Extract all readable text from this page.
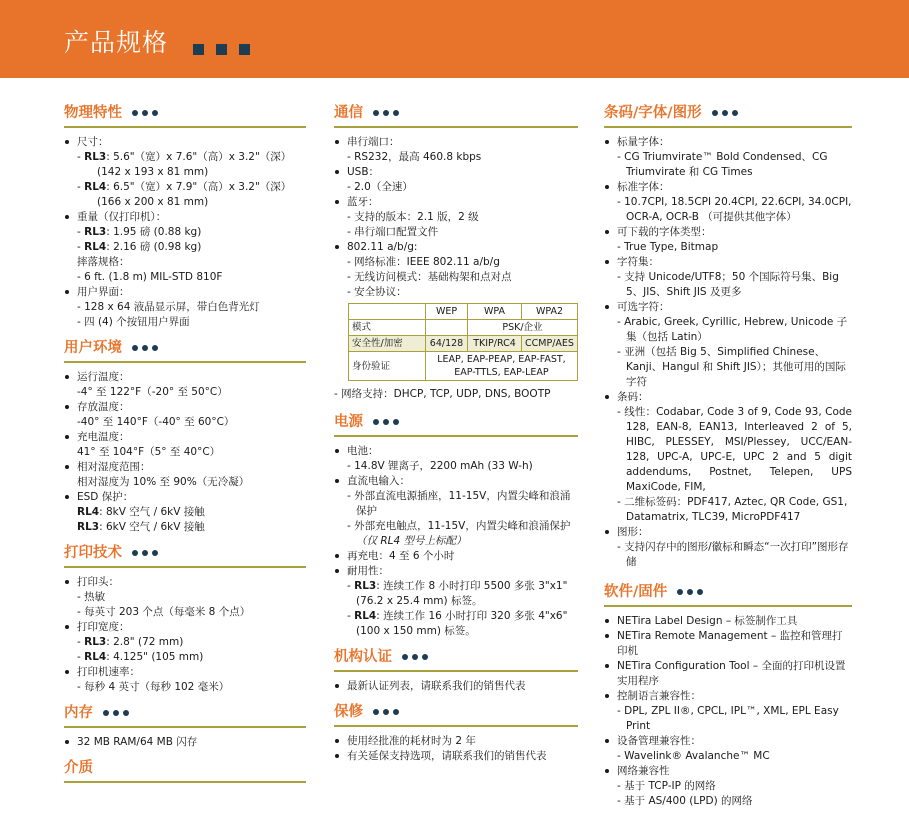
产品规格
物理特性
尺寸：
- RL3: 5.6"（宽）x 7.6"（高）x 3.2"（深）
(142 x 193 x 81 mm)
- RL4: 6.5"（宽）x 7.9"（高）x 3.2"（深）
(166 x 200 x 81 mm)
重量（仅打印机）：
- RL3: 1.95 磅 (0.88 kg)
- RL4: 2.16 磅 (0.98 kg)
摔落规格：
- 6 ft. (1.8 m) MIL-STD 810F
用户界面：
- 128 x 64 液晶显示屏，带白色背光灯
- 四 (4) 个按钮用户界面
用户环境
运行温度：
-4° 至 122°F（-20° 至 50°C）
存放温度：
-40° 至 140°F（-40° 至 60°C）
充电温度：
41° 至 104°F（5° 至 40°C）
相对湿度范围：
相对湿度为 10% 至 90%（无冷凝）
ESD 保护：
RL4: 8kV 空气 / 6kV 接触
RL3: 6kV 空气 / 6kV 接触
打印技术
打印头：
- 热敏
- 每英寸 203 个点（每毫米 8 个点）
打印宽度：
- RL3: 2.8" (72 mm)
- RL4: 4.125" (105 mm)
打印机速率：
- 每秒 4 英寸（每秒 102 毫米）
内存
32 MB RAM/64 MB 闪存
介质
通信
串行端口：
- RS232，最高 460.8 kbps
USB：
- 2.0（全速）
蓝牙：
- 支持的版本：2.1 版，2 级
- 串行端口配置文件
802.11 a/b/g:
- 网络标准：IEEE 802.11 a/b/g
- 无线访问模式：基础构架和点对点
- 安全协议：
	WEP	WPA	WPA2
模式		PSK/企业	
安全性/加密	64/128	TKIP/RC4	CCMP/AES
身份验证	LEAP, EAP-PEAP, EAP-FAST,
EAP-TTLS, EAP-LEAP		
- 网络支持：DHCP, TCP, UDP, DNS, BOOTP
电源
电池：
- 14.8V 锂离子，2200 mAh (33 W-h)
直流电输入：
- 外部直流电源插座，11-15V，内置尖峰和浪涌保护
- 外部充电触点，11-15V，内置尖峰和浪涌保护（仅 RL4 型号上标配）
再充电：4 至 6 个小时
耐用性：
- RL3: 连续工作 8 小时打印 5500 多张 3"x1" (76.2 x 25.4 mm) 标签。
- RL4: 连续工作 16 小时打印 320 多张 4"x6" (100 x 150 mm) 标签。
机构认证
最新认证列表，请联系我们的销售代表
保修
使用经批准的耗材时为 2 年
有关延保支持选项，请联系我们的销售代表
条码/字体/图形
标量字体：
- CG Triumvirate™ Bold Condensed、CG Triumvirate 和 CG Times
标准字体：
- 10.7CPI, 18.5CPI 20.4CPI, 22.6CPI, 34.0CPI, OCR-A, OCR-B （可提供其他字体）
可下载的字体类型：
- True Type, Bitmap
字符集：
- 支持 Unicode/UTF8；50 个国际符号集、Big 5、JIS、Shift JIS 及更多
可选字符：
- Arabic, Greek, Cyrillic, Hebrew, Unicode 子集（包括 Latin）
- 亚洲（包括 Big 5、Simplified Chinese、Kanji、Hangul 和 Shift JIS）；其他可用的国际字符
条码：
- 线性：Codabar, Code 3 of 9, Code 93, Code 128, EAN-8, EAN13, Interleaved 2 of 5, HIBC, PLESSEY, MSI/Plessey, UCC/EAN-128, UPC-A, UPC-E, UPC 2 and 5 digit addendums, Postnet, Telepen, UPS MaxiCode, FIM,
- 二维标签码：PDF417, Aztec, QR Code, GS1, Datamatrix, TLC39, MicroPDF417
图形：
- 支持闪存中的图形/徽标和瞬态“一次打印”图形存储
软件/固件
NETira Label Design – 标签制作工具
NETira Remote Management – 监控和管理打印机
NETira Configuration Tool – 全面的打印机设置实用程序
控制语言兼容性：
- DPL, ZPL II®, CPCL, IPL™, XML, EPL Easy Print
设备管理兼容性：
- Wavelink® Avalanche™ MC
网络兼容性
- 基于 TCP-IP 的网络
- 基于 AS/400 (LPD) 的网络
